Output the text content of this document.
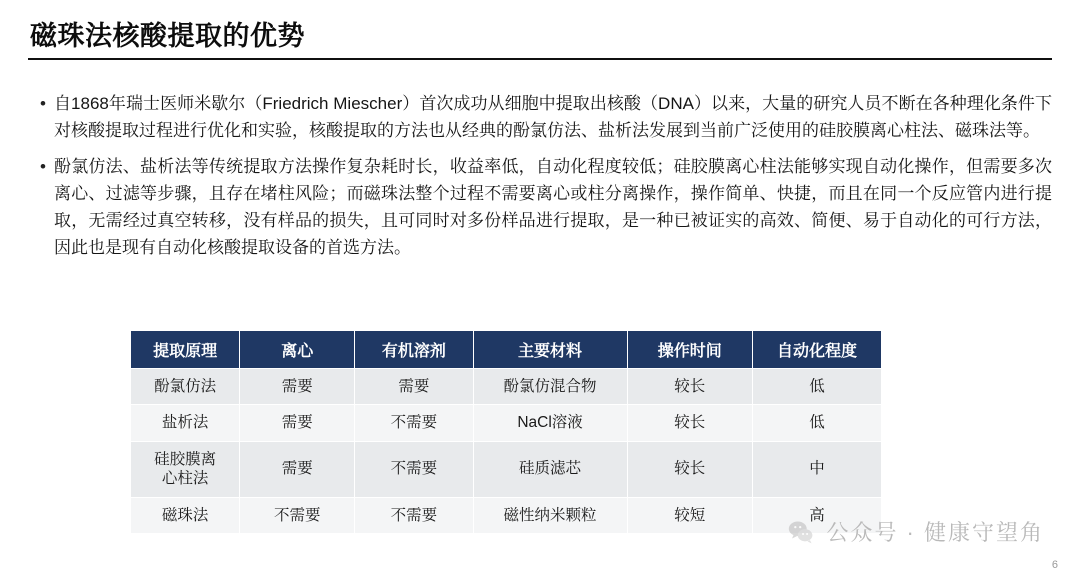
磁珠法核酸提取的优势
• 自1868年瑞士医师米歇尔（Friedrich Miescher）首次成功从细胞中提取出核酸（DNA）以来，大量的研究人员不断在各种理化条件下对核酸提取过程进行优化和实验，核酸提取的方法也从经典的酚氯仿法、盐析法发展到当前广泛使用的硅胶膜离心柱法、磁珠法等。
• 酚氯仿法、盐析法等传统提取方法操作复杂耗时长，收益率低，自动化程度较低；硅胶膜离心柱法能够实现自动化操作，但需要多次离心、过滤等步骤，且存在堵柱风险；而磁珠法整个过程不需要离心或柱分离操作，操作简单、快捷，而且在同一个反应管内进行提取，无需经过真空转移，没有样品的损失，且可同时对多份样品进行提取，是一种已被证实的高效、简便、易于自动化的可行方法，因此也是现有自动化核酸提取设备的首选方法。
提取原理	离心	有机溶剂	主要材料	操作时间	自动化程度
酚氯仿法	需要	需要	酚氯仿混合物	较长	低
盐析法	需要	不需要	NaCl溶液	较长	低
硅胶膜离心柱法	需要	不需要	硅质滤芯	较长	中
磁珠法	不需要	不需要	磁性纳米颗粒	较短	高
公众号 · 健康守望角
6
